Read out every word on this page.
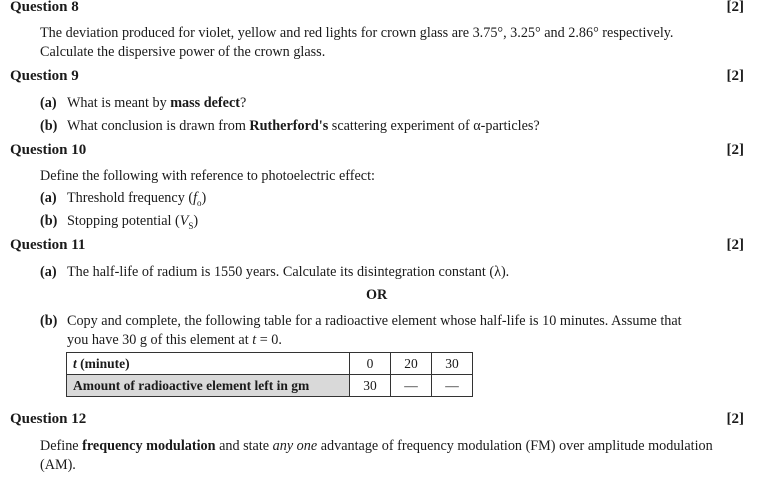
Question 8	[2]
The deviation produced for violet, yellow and red lights for crown glass are 3.75°, 3.25° and 2.86° respectively.
Calculate the dispersive power of the crown glass.
Question 9	[2]
(a) What is meant by mass defect?
(b) What conclusion is drawn from Rutherford's scattering experiment of α-particles?
Question 10	[2]
Define the following with reference to photoelectric effect:
(a) Threshold frequency $(f_o)$
(b) Stopping potential $(V_S)$
Question 11	[2]
(a) The half-life of radium is 1550 years. Calculate its disintegration constant (λ).
OR
(b) Copy and complete, the following table for a radioactive element whose half-life is 10 minutes. Assume that
you have 30 g of this element at t = 0.
t (minute)	0	20	30
Amount of radioactive element left in gm	30	—	—
Question 12	[2]
Define frequency modulation and state any one advantage of frequency modulation (FM) over amplitude modulation
(AM).
